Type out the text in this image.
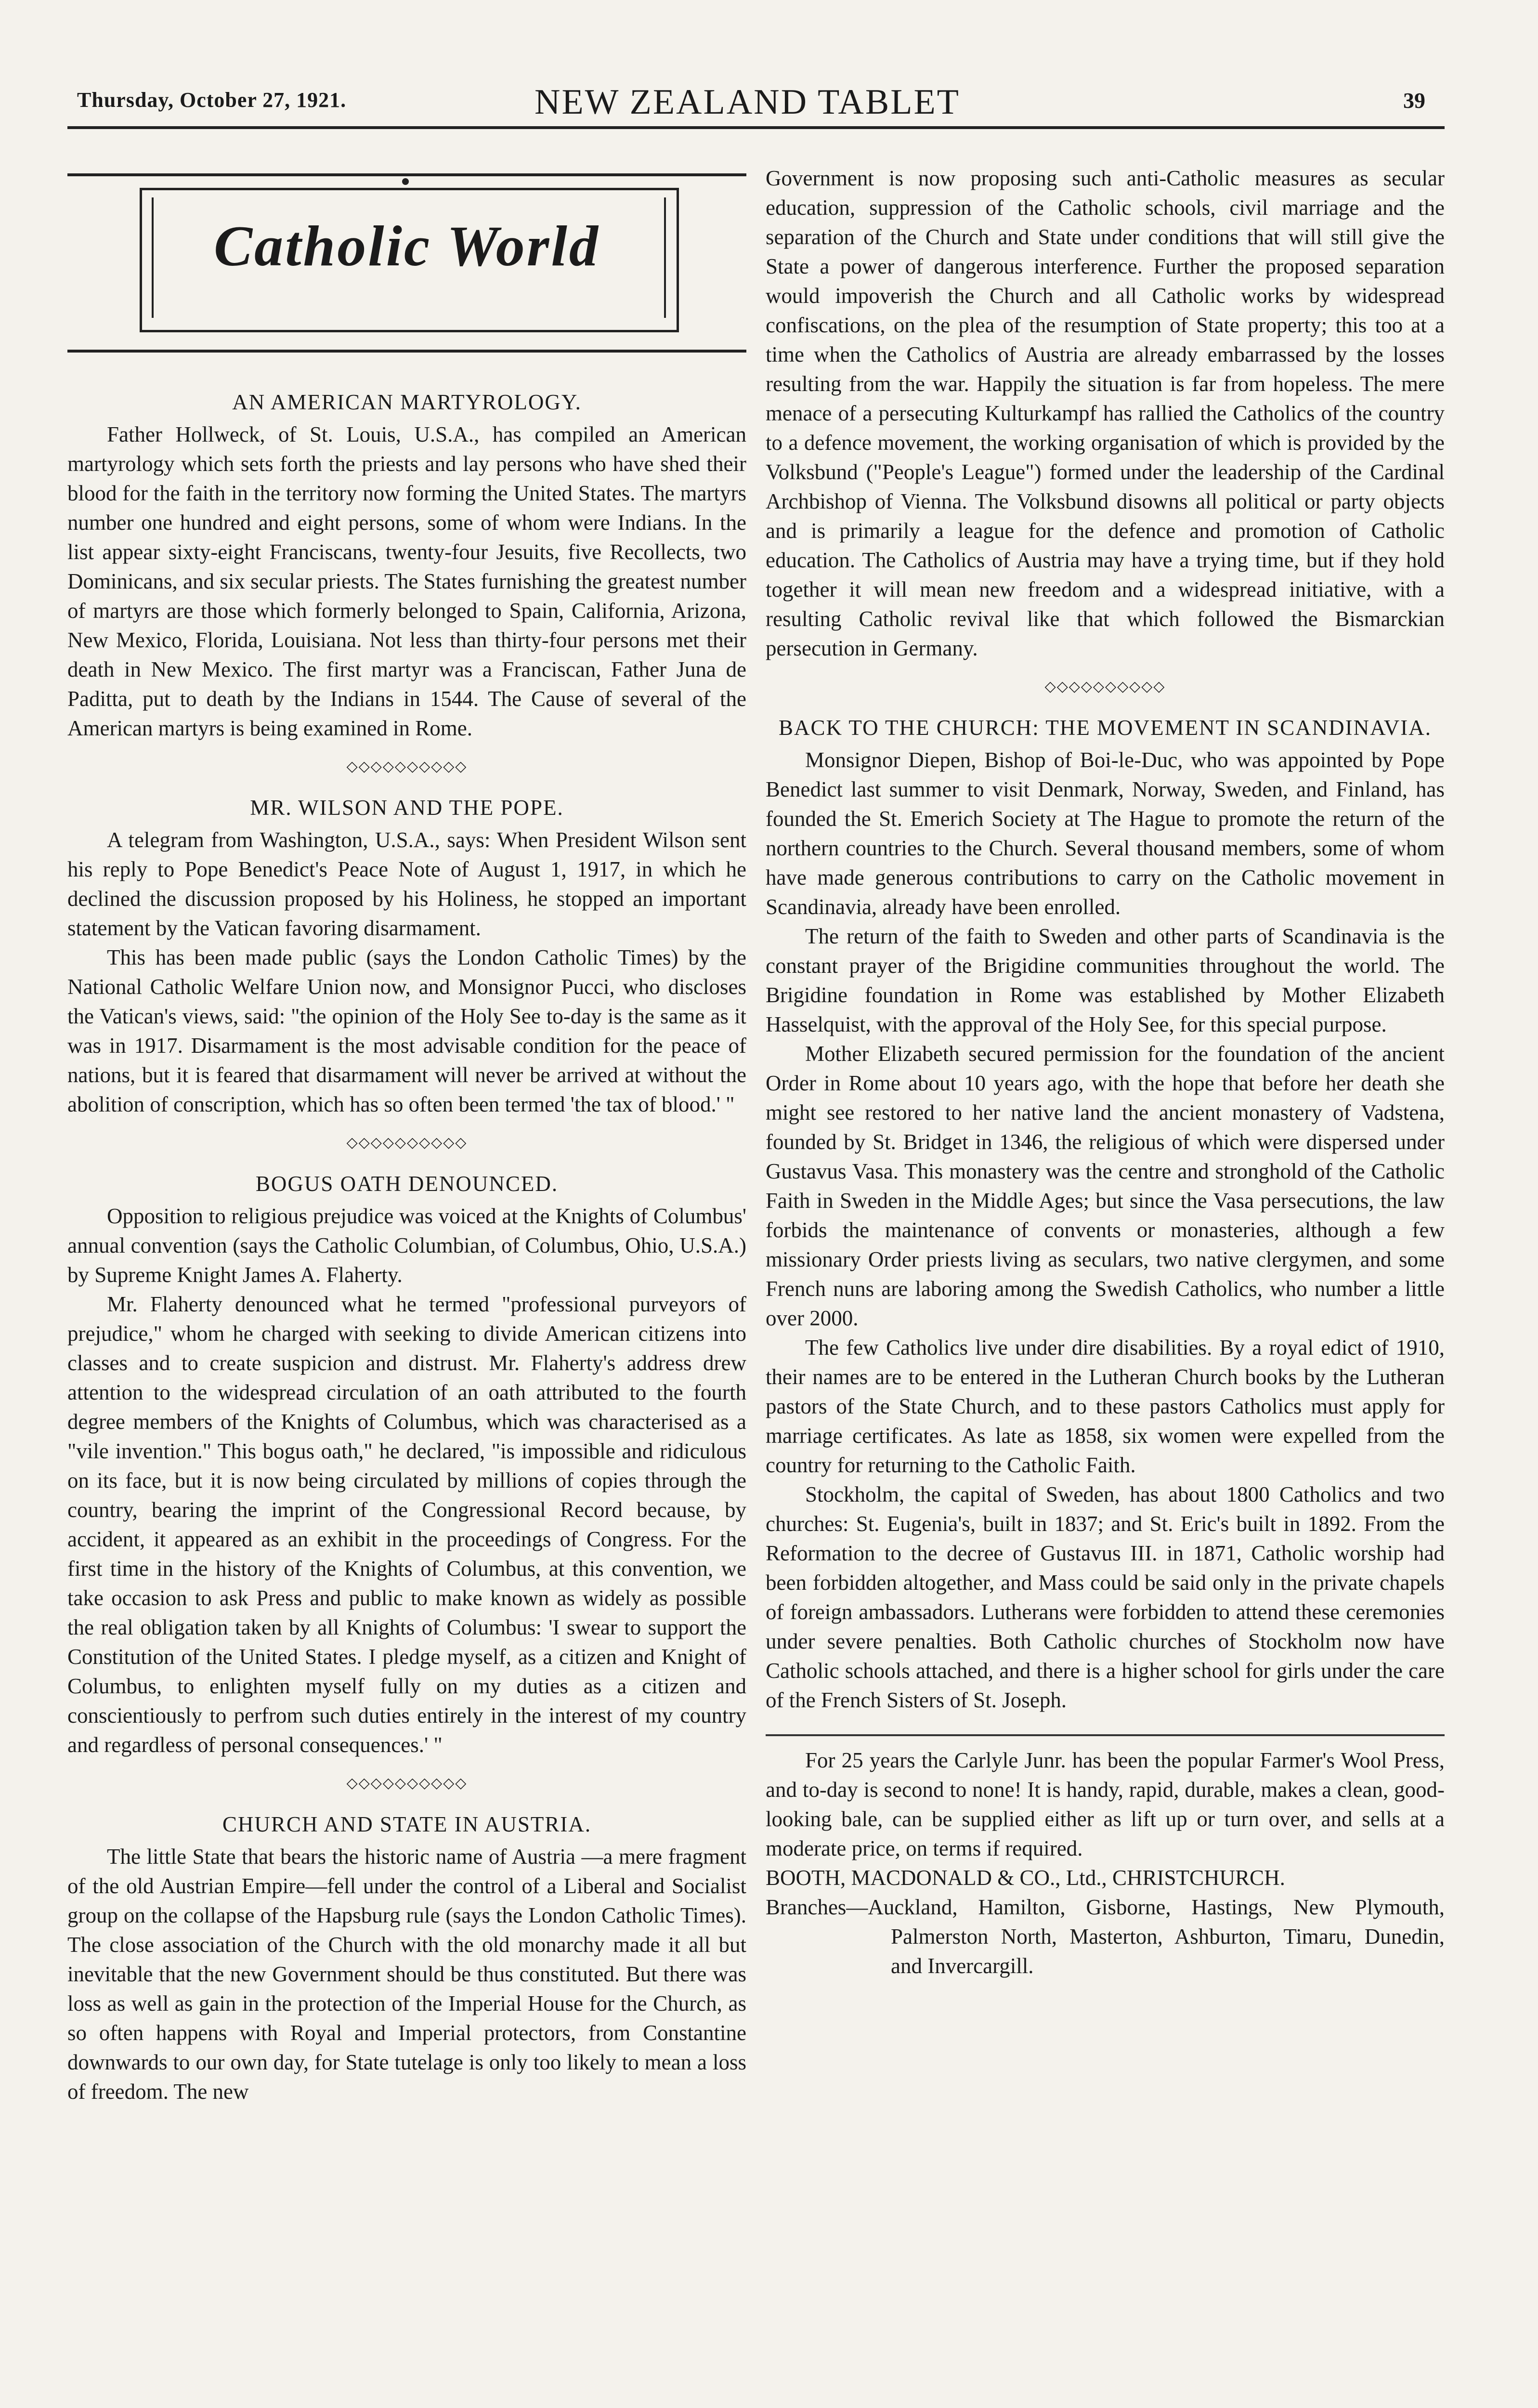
Thursday, October 27, 1921.	NEW ZEALAND TABLET	39
Catholic World
AN AMERICAN MARTYROLOGY.

Father Hollweck, of St. Louis, U.S.A., has compiled an American martyrology which sets forth the priests and lay persons who have shed their blood for the faith in the territory now forming the United States. The martyrs number one hundred and eight persons, some of whom were Indians. In the list appear sixty-eight Franciscans, twenty-four Jesuits, five Recollects, two Dominicans, and six secular priests. The States furnishing the greatest number of martyrs are those which formerly belonged to Spain, California, Arizona, New Mexico, Florida, Louisiana. Not less than thirty-four persons met their death in New Mexico. The first martyr was a Franciscan, Father Juna de Paditta, put to death by the Indians in 1544. The Cause of several of the American martyrs is being examined in Rome.

◇◇◇◇◇◇◇◇◇◇
MR. WILSON AND THE POPE.

A telegram from Washington, U.S.A., says: When President Wilson sent his reply to Pope Benedict's Peace Note of August 1, 1917, in which he declined the discussion proposed by his Holiness, he stopped an important statement by the Vatican favoring disarmament.

This has been made public (says the London Catholic Times) by the National Catholic Welfare Union now, and Monsignor Pucci, who discloses the Vatican's views, said: "the opinion of the Holy See to-day is the same as it was in 1917. Disarmament is the most advisable condition for the peace of nations, but it is feared that disarmament will never be arrived at without the abolition of conscription, which has so often been termed 'the tax of blood.' "

◇◇◇◇◇◇◇◇◇◇
BOGUS OATH DENOUNCED.

Opposition to religious prejudice was voiced at the Knights of Columbus' annual convention (says the Catholic Columbian, of Columbus, Ohio, U.S.A.) by Supreme Knight James A. Flaherty.

Mr. Flaherty denounced what he termed "professional purveyors of prejudice," whom he charged with seeking to divide American citizens into classes and to create suspicion and distrust. Mr. Flaherty's address drew attention to the widespread circulation of an oath attributed to the fourth degree members of the Knights of Columbus, which was characterised as a "vile invention." This bogus oath," he declared, "is impossible and ridiculous on its face, but it is now being circulated by millions of copies through the country, bearing the imprint of the Congressional Record because, by accident, it appeared as an exhibit in the proceedings of Congress. For the first time in the history of the Knights of Columbus, at this convention, we take occasion to ask Press and public to make known as widely as possible the real obligation taken by all Knights of Columbus: 'I swear to support the Constitution of the United States. I pledge myself, as a citizen and Knight of Columbus, to enlighten myself fully on my duties as a citizen and conscientiously to perfrom such duties entirely in the interest of my country and regardless of personal consequences.' "

◇◇◇◇◇◇◇◇◇◇
CHURCH AND STATE IN AUSTRIA.

The little State that bears the historic name of Austria —a mere fragment of the old Austrian Empire—fell under the control of a Liberal and Socialist group on the collapse of the Hapsburg rule (says the London Catholic Times). The close association of the Church with the old monarchy made it all but inevitable that the new Government should be thus constituted. But there was loss as well as gain in the protection of the Imperial House for the Church, as so often happens with Royal and Imperial protectors, from Constantine downwards to our own day, for State tutelage is only too likely to mean a loss of freedom. The new

Government is now proposing such anti-Catholic measures as secular education, suppression of the Catholic schools, civil marriage and the separation of the Church and State under conditions that will still give the State a power of dangerous interference. Further the proposed separation would impoverish the Church and all Catholic works by widespread confiscations, on the plea of the resumption of State property; this too at a time when the Catholics of Austria are already embarrassed by the losses resulting from the war. Happily the situation is far from hopeless. The mere menace of a persecuting Kulturkampf has rallied the Catholics of the country to a defence movement, the working organisation of which is provided by the Volksbund ("People's League") formed under the leadership of the Cardinal Archbishop of Vienna. The Volksbund disowns all political or party objects and is primarily a league for the defence and promotion of Catholic education. The Catholics of Austria may have a trying time, but if they hold together it will mean new freedom and a widespread initiative, with a resulting Catholic revival like that which followed the Bismarckian persecution in Germany.

◇◇◇◇◇◇◇◇◇◇
BACK TO THE CHURCH: THE MOVEMENT IN SCANDINAVIA.

Monsignor Diepen, Bishop of Boi-le-Duc, who was appointed by Pope Benedict last summer to visit Denmark, Norway, Sweden, and Finland, has founded the St. Emerich Society at The Hague to promote the return of the northern countries to the Church. Several thousand members, some of whom have made generous contributions to carry on the Catholic movement in Scandinavia, already have been enrolled.

The return of the faith to Sweden and other parts of Scandinavia is the constant prayer of the Brigidine communities throughout the world. The Brigidine foundation in Rome was established by Mother Elizabeth Hasselquist, with the approval of the Holy See, for this special purpose.

Mother Elizabeth secured permission for the foundation of the ancient Order in Rome about 10 years ago, with the hope that before her death she might see restored to her native land the ancient monastery of Vadstena, founded by St. Bridget in 1346, the religious of which were dispersed under Gustavus Vasa. This monastery was the centre and stronghold of the Catholic Faith in Sweden in the Middle Ages; but since the Vasa persecutions, the law forbids the maintenance of convents or monasteries, although a few missionary Order priests living as seculars, two native clergymen, and some French nuns are laboring among the Swedish Catholics, who number a little over 2000.

The few Catholics live under dire disabilities. By a royal edict of 1910, their names are to be entered in the Lutheran Church books by the Lutheran pastors of the State Church, and to these pastors Catholics must apply for marriage certificates. As late as 1858, six women were expelled from the country for returning to the Catholic Faith.

Stockholm, the capital of Sweden, has about 1800 Catholics and two churches: St. Eugenia's, built in 1837; and St. Eric's built in 1892. From the Reformation to the decree of Gustavus III. in 1871, Catholic worship had been forbidden altogether, and Mass could be said only in the private chapels of foreign ambassadors. Lutherans were forbidden to attend these ceremonies under severe penalties. Both Catholic churches of Stockholm now have Catholic schools attached, and there is a higher school for girls under the care of the French Sisters of St. Joseph.

For 25 years the Carlyle Junr. has been the popular Farmer's Wool Press, and to-day is second to none! It is handy, rapid, durable, makes a clean, good-looking bale, can be supplied either as lift up or turn over, and sells at a moderate price, on terms if required.

BOOTH, MACDONALD & CO., Ltd., CHRISTCHURCH.

Branches—Auckland, Hamilton, Gisborne, Hastings, New Plymouth, Palmerston North, Masterton, Ashburton, Timaru, Dunedin, and Invercargill.
